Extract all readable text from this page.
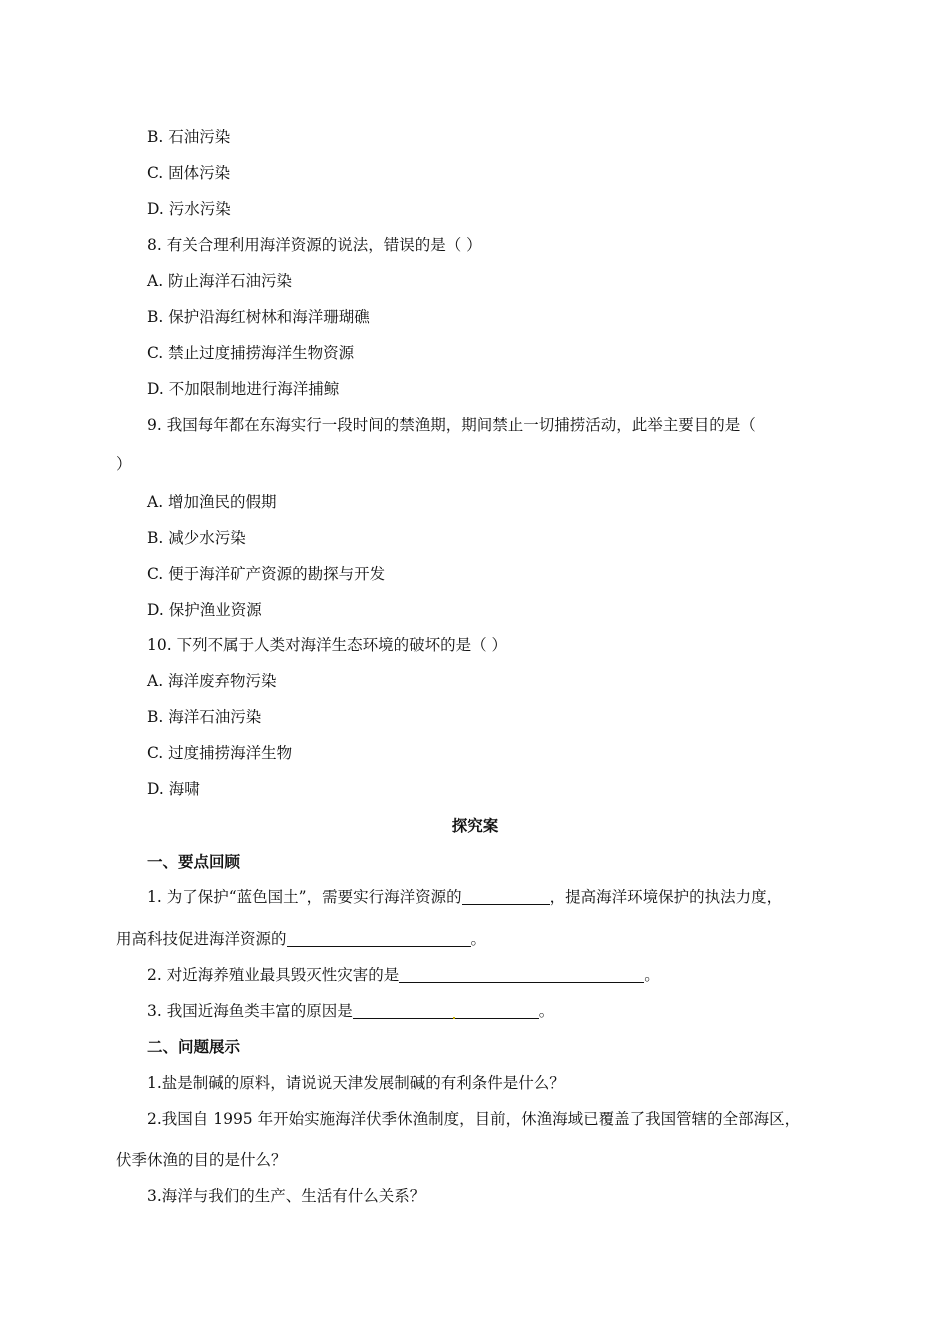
B. 石油污染
C. 固体污染
D. 污水污染
8. 有关合理利用海洋资源的说法，错误的是（ ）
A. 防止海洋石油污染
B. 保护沿海红树林和海洋珊瑚礁
C. 禁止过度捕捞海洋生物资源
D. 不加限制地进行海洋捕鲸
9. 我国每年都在东海实行一段时间的禁渔期，期间禁止一切捕捞活动，此举主要目的是（
）
A. 增加渔民的假期
B. 减少水污染
C. 便于海洋矿产资源的勘探与开发
D. 保护渔业资源
10. 下列不属于人类对海洋生态环境的破坏的是（ ）
A. 海洋废弃物污染
B. 海洋石油污染
C. 过度捕捞海洋生物
D. 海啸
探究案
一、要点回顾
1. 为了保护“蓝色国土”，需要实行海洋资源的	，提高海洋环境保护的执法力度，
用高科技促进海洋资源的	。
2. 对近海养殖业最具毁灭性灾害的是	。
3. 我国近海鱼类丰富的原因是	。
二、问题展示
1.盐是制碱的原料，请说说天津发展制碱的有利条件是什么？
2.我国自 1995 年开始实施海洋伏季休渔制度，目前，休渔海域已覆盖了我国管辖的全部海区，
伏季休渔的目的是什么？
3.海洋与我们的生产、生活有什么关系？
